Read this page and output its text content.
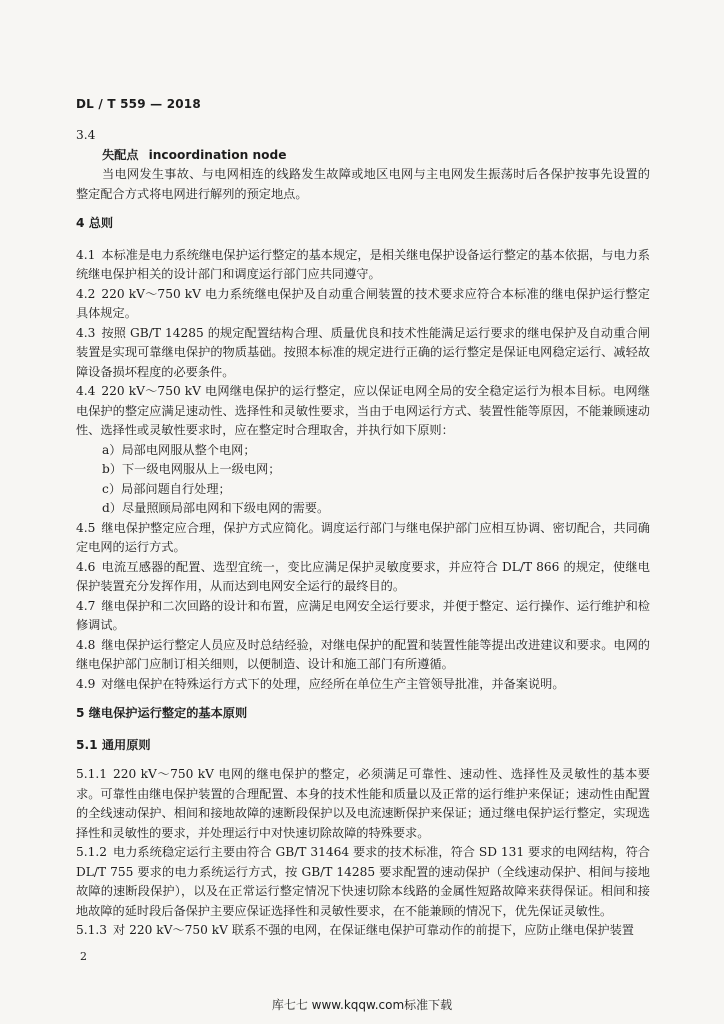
DL / T 559 — 2018

3.4

失配点 incoordination node

当电网发生事故、与电网相连的线路发生故障或地区电网与主电网发生振荡时后各保护按事先设置的整定配合方式将电网进行解列的预定地点。

4 总则

4.1 本标准是电力系统继电保护运行整定的基本规定，是相关继电保护设备运行整定的基本依据，与电力系统继电保护相关的设计部门和调度运行部门应共同遵守。

4.2 220 kV～750 kV 电力系统继电保护及自动重合闸装置的技术要求应符合本标准的继电保护运行整定具体规定。

4.3 按照 GB/T 14285 的规定配置结构合理、质量优良和技术性能满足运行要求的继电保护及自动重合闸装置是实现可靠继电保护的物质基础。按照本标准的规定进行正确的运行整定是保证电网稳定运行、减轻故障设备损坏程度的必要条件。

4.4 220 kV～750 kV 电网继电保护的运行整定，应以保证电网全局的安全稳定运行为根本目标。电网继电保护的整定应满足速动性、选择性和灵敏性要求，当由于电网运行方式、装置性能等原因，不能兼顾速动性、选择性或灵敏性要求时，应在整定时合理取舍，并执行如下原则：

a）局部电网服从整个电网；

b）下一级电网服从上一级电网；

c）局部问题自行处理；

d）尽量照顾局部电网和下级电网的需要。

4.5 继电保护整定应合理，保护方式应简化。调度运行部门与继电保护部门应相互协调、密切配合，共同确定电网的运行方式。

4.6 电流互感器的配置、选型宜统一，变比应满足保护灵敏度要求，并应符合 DL/T 866 的规定，使继电保护装置充分发挥作用，从而达到电网安全运行的最终目的。

4.7 继电保护和二次回路的设计和布置，应满足电网安全运行要求，并便于整定、运行操作、运行维护和检修调试。

4.8 继电保护运行整定人员应及时总结经验，对继电保护的配置和装置性能等提出改进建议和要求。电网的继电保护部门应制订相关细则，以便制造、设计和施工部门有所遵循。

4.9 对继电保护在特殊运行方式下的处理，应经所在单位生产主管领导批准，并备案说明。

5 继电保护运行整定的基本原则

5.1 通用原则

5.1.1 220 kV～750 kV 电网的继电保护的整定，必须满足可靠性、速动性、选择性及灵敏性的基本要求。可靠性由继电保护装置的合理配置、本身的技术性能和质量以及正常的运行维护来保证；速动性由配置的全线速动保护、相间和接地故障的速断段保护以及电流速断保护来保证；通过继电保护运行整定，实现选择性和灵敏性的要求，并处理运行中对快速切除故障的特殊要求。

5.1.2 电力系统稳定运行主要由符合 GB/T 31464 要求的技术标准，符合 SD 131 要求的电网结构，符合 DL/T 755 要求的电力系统运行方式，按 GB/T 14285 要求配置的速动保护（全线速动保护、相间与接地故障的速断段保护），以及在正常运行整定情况下快速切除本线路的金属性短路故障来获得保证。相间和接地故障的延时段后备保护主要应保证选择性和灵敏性要求，在不能兼顾的情况下，优先保证灵敏性。

5.1.3 对 220 kV～750 kV 联系不强的电网，在保证继电保护可靠动作的前提下，应防止继电保护装置

2
库七七 www.kqqw.com标准下载
